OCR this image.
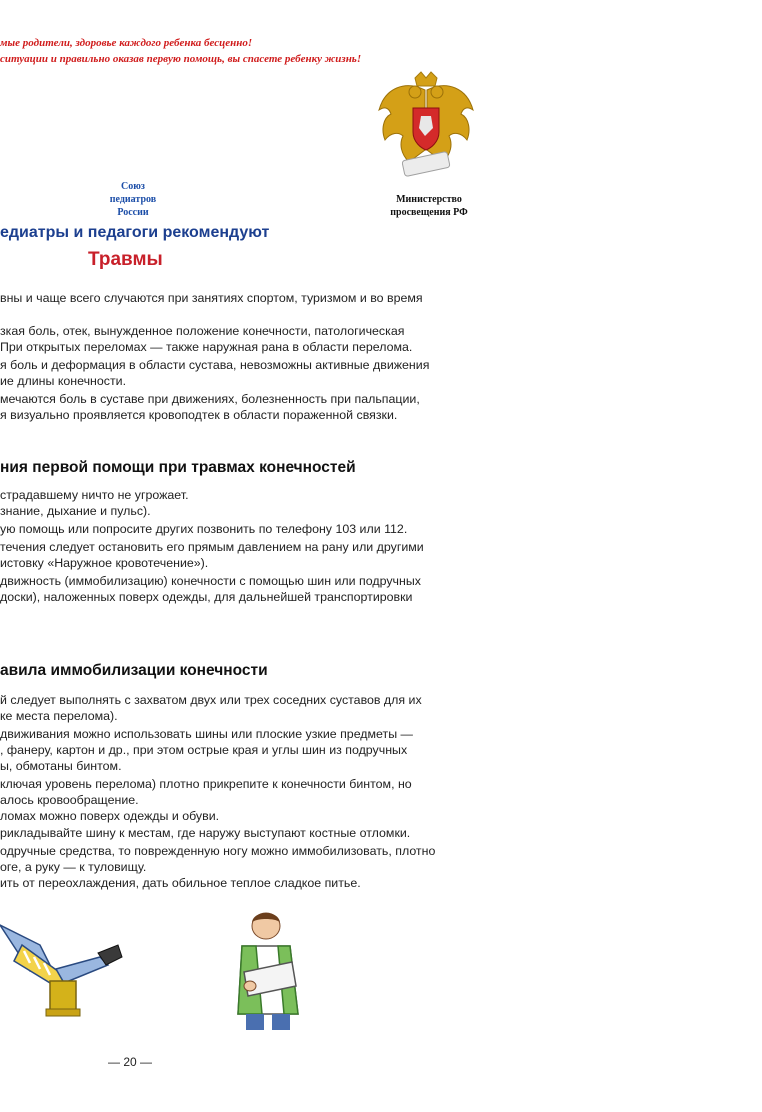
мые родители, здоровье каждого ребенка бесценно!
ситуации и правильно оказав первую помощь, вы спасете ребенку жизнь!
Союз
педиатров
России
Министерство
просвещения РФ
едиатры и педагоги рекомендуют
Травмы
вны и чаще всего случаются при занятиях спортом, туризмом и во время
зкая боль, отек, вынужденное положение конечности, патологическая
При открытых переломах — также наружная рана в области перелома.
я боль и деформация в области сустава, невозможны активные движения
ие длины конечности.
мечаются боль в суставе при движениях, болезненность при пальпации,
я визуально проявляется кровоподтек в области пораженной связки.
ния первой помощи при травмах конечностей
страдавшему ничто не угрожает.
знание, дыхание и пульс).
ую помощь или попросите других позвонить по телефону 103 или 112.
течения следует остановить его прямым давлением на рану или другими
истовку «Наружное кровотечение»).
движность (иммобилизацию) конечности с помощью шин или подручных
доски), наложенных поверх одежды, для дальнейшей транспортировки
авила иммобилизации конечности
й следует выполнять с захватом двух или трех соседних суставов для их
ке места перелома).
движивания можно использовать шины или плоские узкие предметы —
, фанеру, картон и др., при этом острые края и углы шин из подручных
ы, обмотаны бинтом.
ключая уровень перелома) плотно прикрепите к конечности бинтом, но
алось кровообращение.
ломах можно поверх одежды и обуви.
рикладывайте шину к местам, где наружу выступают костные отломки.
одручные средства, то поврежденную ногу можно иммобилизовать, плотно
оге, а руку — к туловищу.
ить от переохлаждения, дать обильное теплое сладкое питье.
— 20 —
